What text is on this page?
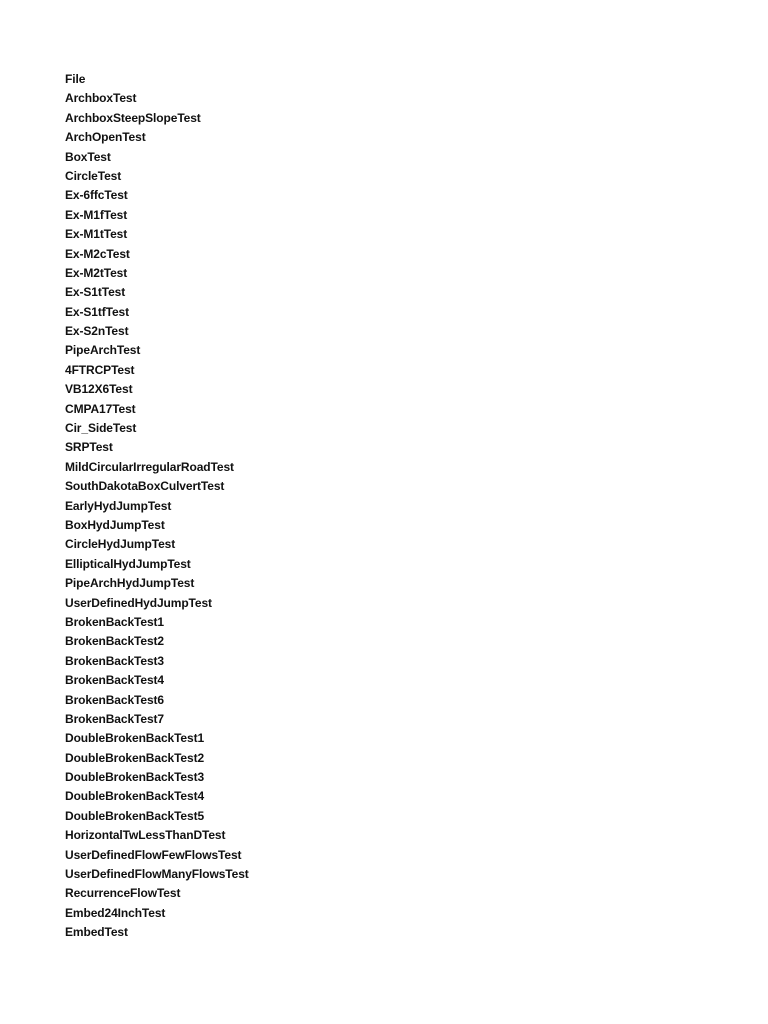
File
ArchboxTest
ArchboxSteepSlopeTest
ArchOpenTest
BoxTest
CircleTest
Ex-6ffcTest
Ex-M1fTest
Ex-M1tTest
Ex-M2cTest
Ex-M2tTest
Ex-S1tTest
Ex-S1tfTest
Ex-S2nTest
PipeArchTest
4FTRCPTest
VB12X6Test
CMPA17Test
Cir_SideTest
SRPTest
MildCircularIrregularRoadTest
SouthDakotaBoxCulvertTest
EarlyHydJumpTest
BoxHydJumpTest
CircleHydJumpTest
EllipticalHydJumpTest
PipeArchHydJumpTest
UserDefinedHydJumpTest
BrokenBackTest1
BrokenBackTest2
BrokenBackTest3
BrokenBackTest4
BrokenBackTest6
BrokenBackTest7
DoubleBrokenBackTest1
DoubleBrokenBackTest2
DoubleBrokenBackTest3
DoubleBrokenBackTest4
DoubleBrokenBackTest5
HorizontalTwLessThanDTest
UserDefinedFlowFewFlowsTest
UserDefinedFlowManyFlowsTest
RecurrenceFlowTest
Embed24InchTest
EmbedTest
